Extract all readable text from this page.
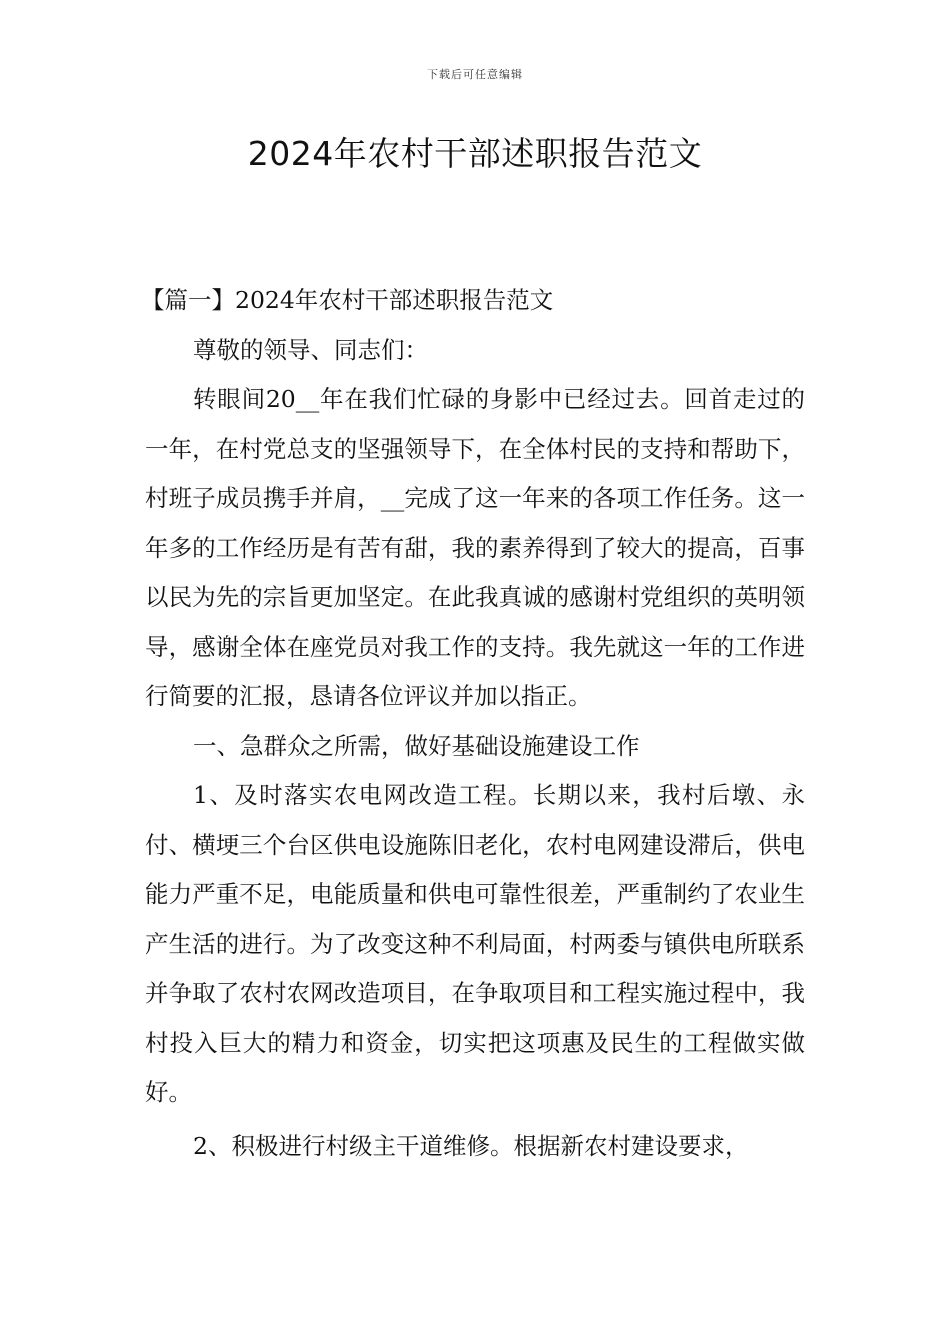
下载后可任意编辑
2024年农村干部述职报告范文

【篇一】2024年农村干部述职报告范文

尊敬的领导、同志们：

转眼间20__年在我们忙碌的身影中已经过去。回首走过的一年，在村党总支的坚强领导下，在全体村民的支持和帮助下，村班子成员携手并肩，__完成了这一年来的各项工作任务。这一年多的工作经历是有苦有甜，我的素养得到了较大的提高，百事以民为先的宗旨更加坚定。在此我真诚的感谢村党组织的英明领导，感谢全体在座党员对我工作的支持。我先就这一年的工作进行简要的汇报，恳请各位评议并加以指正。

一、急群众之所需，做好基础设施建设工作

1、及时落实农电网改造工程。长期以来，我村后墩、永付、横埂三个台区供电设施陈旧老化，农村电网建设滞后，供电能力严重不足，电能质量和供电可靠性很差，严重制约了农业生产生活的进行。为了改变这种不利局面，村两委与镇供电所联系并争取了农村农网改造项目，在争取项目和工程实施过程中，我村投入巨大的精力和资金，切实把这项惠及民生的工程做实做好。

2、积极进行村级主干道维修。根据新农村建设要求，
